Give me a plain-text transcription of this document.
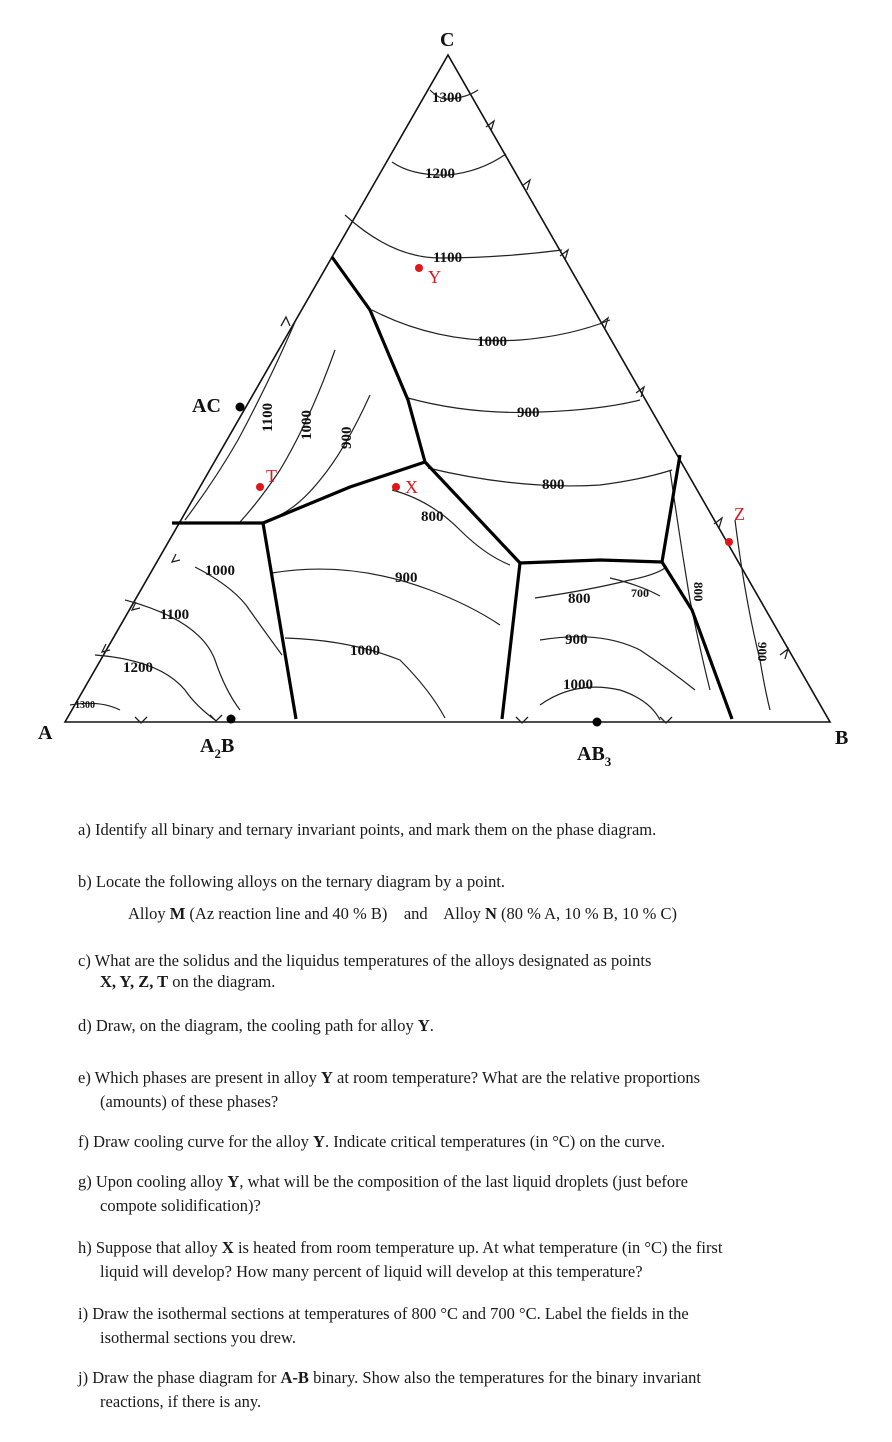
C
A	B
AC
$A_2B$	$AB_3$
Y
X
T
Z
1300
1200
1100
1000
900
800
1100 1000 900
1000
1100
1200
1300
800
900
1000
800	700
900
1000
800
900
a) Identify all binary and ternary invariant points, and mark them on the phase diagram.
b) Locate the following alloys on the ternary diagram by a point.
Alloy M (Az reaction line and 40 % B) and Alloy N (80 % A, 10 % B, 10 % C)
c) What are the solidus and the liquidus temperatures of the alloys designated as points
X, Y, Z, T on the diagram.
d) Draw, on the diagram, the cooling path for alloy Y.
e) Which phases are present in alloy Y at room temperature? What are the relative proportions
(amounts) of these phases?
f) Draw cooling curve for the alloy Y. Indicate critical temperatures (in °C) on the curve.
g) Upon cooling alloy Y, what will be the composition of the last liquid droplets (just before
compote solidification)?
h) Suppose that alloy X is heated from room temperature up. At what temperature (in °C) the first
liquid will develop? How many percent of liquid will develop at this temperature?
i) Draw the isothermal sections at temperatures of 800 °C and 700 °C. Label the fields in the
isothermal sections you drew.
j) Draw the phase diagram for A-B binary. Show also the temperatures for the binary invariant
reactions, if there is any.
